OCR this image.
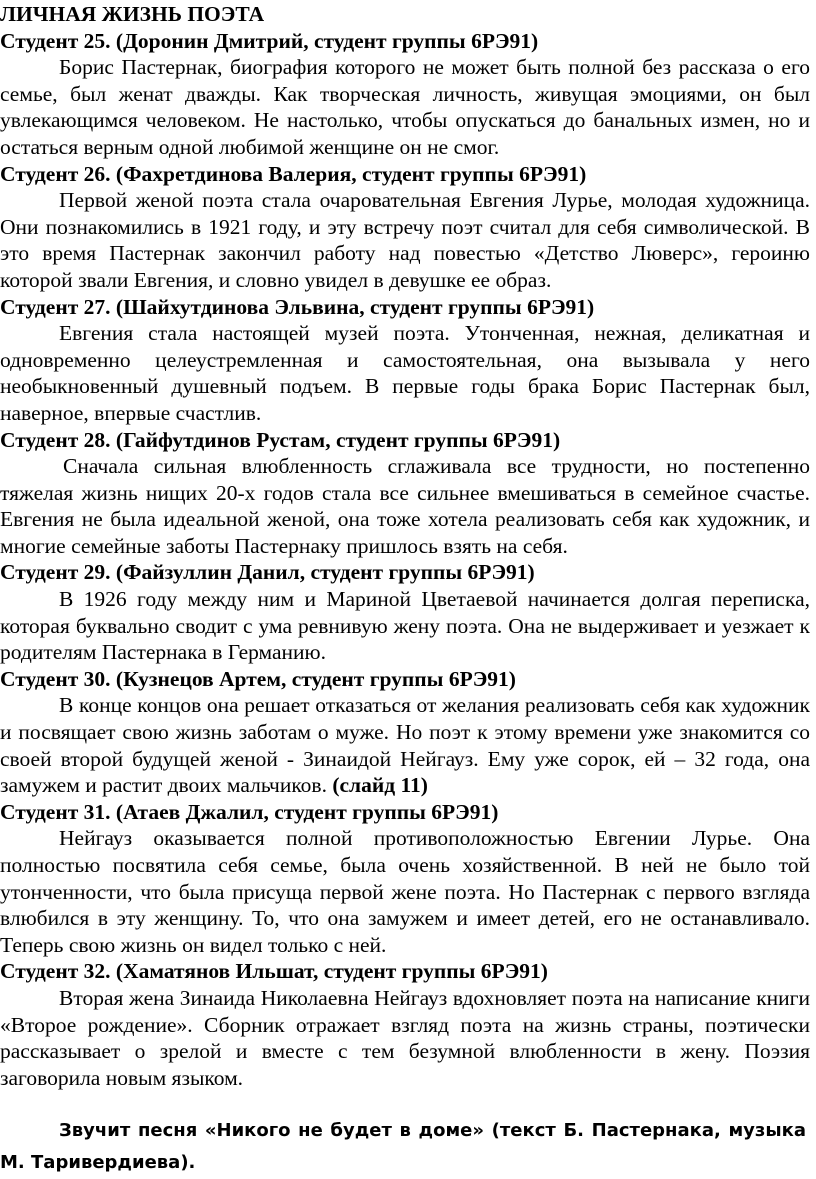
ЛИЧНАЯ ЖИЗНЬ ПОЭТА

Студент 25. (Доронин Дмитрий, студент группы 6РЭ91)

Борис Пастернак, биография которого не может быть полной без рассказа о его семье, был женат дважды. Как творческая личность, живущая эмоциями, он был увлекающимся человеком. Не настолько, чтобы опускаться до банальных измен, но и остаться верным одной любимой женщине он не смог.

Студент 26. (Фахретдинова Валерия, студент группы 6РЭ91)

Первой женой поэта стала очаровательная Евгения Лурье, молодая художница. Они познакомились в 1921 году, и эту встречу поэт считал для себя символической. В это время Пастернак закончил работу над повестью «Детство Люверс», героиню которой звали Евгения, и словно увидел в девушке ее образ.

Студент 27. (Шайхутдинова Эльвина, студент группы 6РЭ91)

Евгения стала настоящей музей поэта. Утонченная, нежная, деликатная и одновременно целеустремленная и самостоятельная, она вызывала у него необыкновенный душевный подъем. В первые годы брака Борис Пастернак был, наверное, впервые счастлив.

Студент 28. (Гайфутдинов Рустам, студент группы 6РЭ91)

Сначала сильная влюбленность сглаживала все трудности, но постепенно тяжелая жизнь нищих 20-х годов стала все сильнее вмешиваться в семейное счастье. Евгения не была идеальной женой, она тоже хотела реализовать себя как художник, и многие семейные заботы Пастернаку пришлось взять на себя.

Студент 29. (Файзуллин Данил, студент группы 6РЭ91)

В 1926 году между ним и Мариной Цветаевой начинается долгая переписка, которая буквально сводит с ума ревнивую жену поэта. Она не выдерживает и уезжает к родителям Пастернака в Германию.

Студент 30. (Кузнецов Артем, студент группы 6РЭ91)

В конце концов она решает отказаться от желания реализовать себя как художник и посвящает свою жизнь заботам о муже. Но поэт к этому времени уже знакомится со своей второй будущей женой - Зинаидой Нейгауз. Ему уже сорок, ей – 32 года, она замужем и растит двоих мальчиков. (слайд 11)

Студент 31. (Атаев Джалил, студент группы 6РЭ91)

Нейгауз оказывается полной противоположностью Евгении Лурье. Она полностью посвятила себя семье, была очень хозяйственной. В ней не было той утонченности, что была присуща первой жене поэта. Но Пастернак с первого взгляда влюбился в эту женщину. То, что она замужем и имеет детей, его не останавливало. Теперь свою жизнь он видел только с ней.

Студент 32. (Хаматянов Ильшат, студент группы 6РЭ91)

Вторая жена Зинаида Николаевна Нейгауз вдохновляет поэта на написание книги «Второе рождение». Сборник отражает взгляд поэта на жизнь страны, поэтически рассказывает о зрелой и вместе с тем безумной влюбленности в жену. Поэзия заговорила новым языком.

Звучит песня «Никого не будет в доме» (текст Б. Пастернака, музыка М. Таривердиева).
